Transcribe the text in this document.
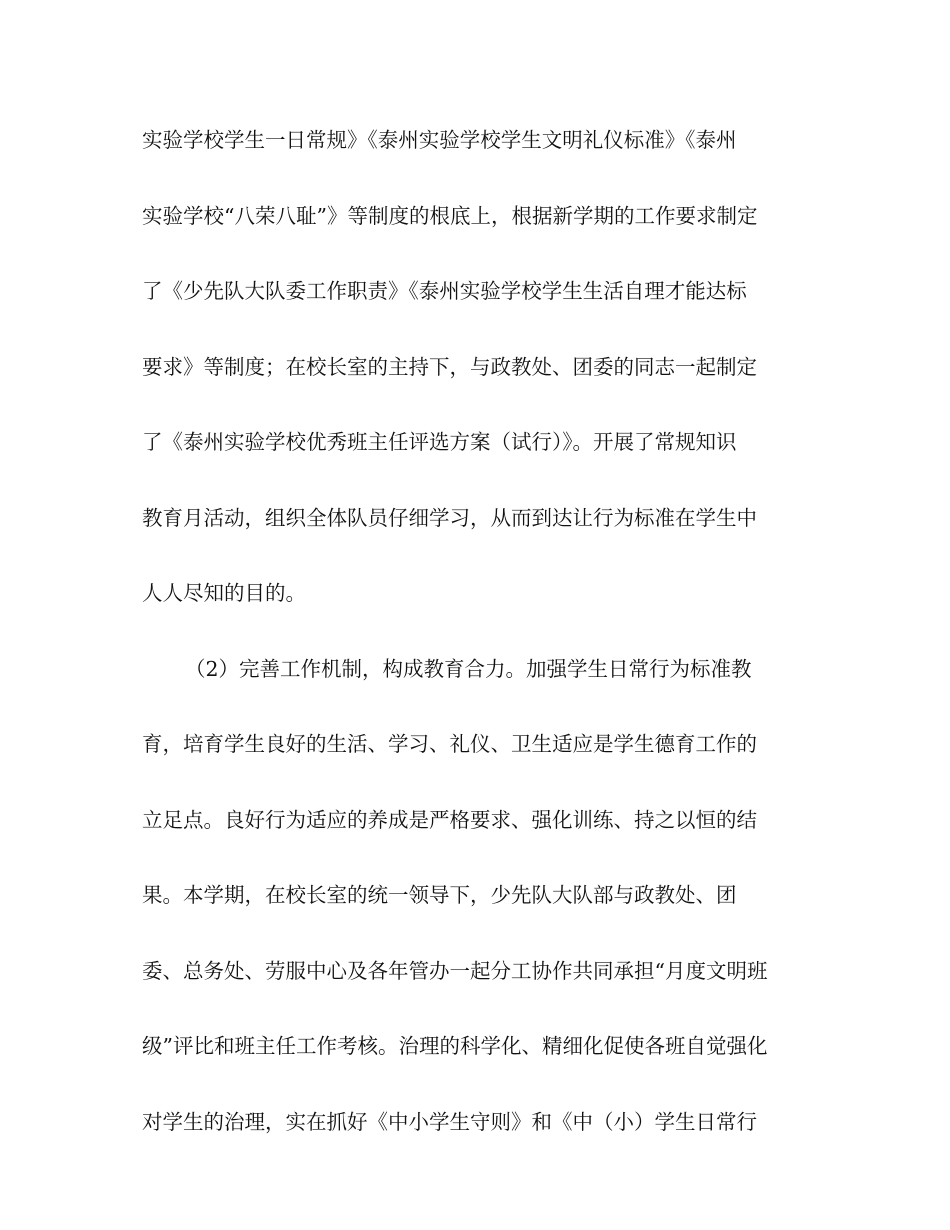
实验学校学生一日常规》《泰州实验学校学生文明礼仪标准》《泰州
实验学校“八荣八耻”》等制度的根底上，根据新学期的工作要求制定
了《少先队大队委工作职责》《泰州实验学校学生生活自理才能达标
要求》等制度；在校长室的主持下，与政教处、团委的同志一起制定
了《泰州实验学校优秀班主任评选方案（试行）》。开展了常规知识
教育月活动，组织全体队员仔细学习，从而到达让行为标准在学生中
人人尽知的目的。
（2）完善工作机制，构成教育合力。加强学生日常行为标准教
育，培育学生良好的生活、学习、礼仪、卫生适应是学生德育工作的
立足点。良好行为适应的养成是严格要求、强化训练、持之以恒的结
果。本学期，在校长室的统一领导下，少先队大队部与政教处、团
委、总务处、劳服中心及各年管办一起分工协作共同承担“月度文明班
级”评比和班主任工作考核。治理的科学化、精细化促使各班自觉强化
对学生的治理，实在抓好《中小学生守则》和《中（小）学生日常行
